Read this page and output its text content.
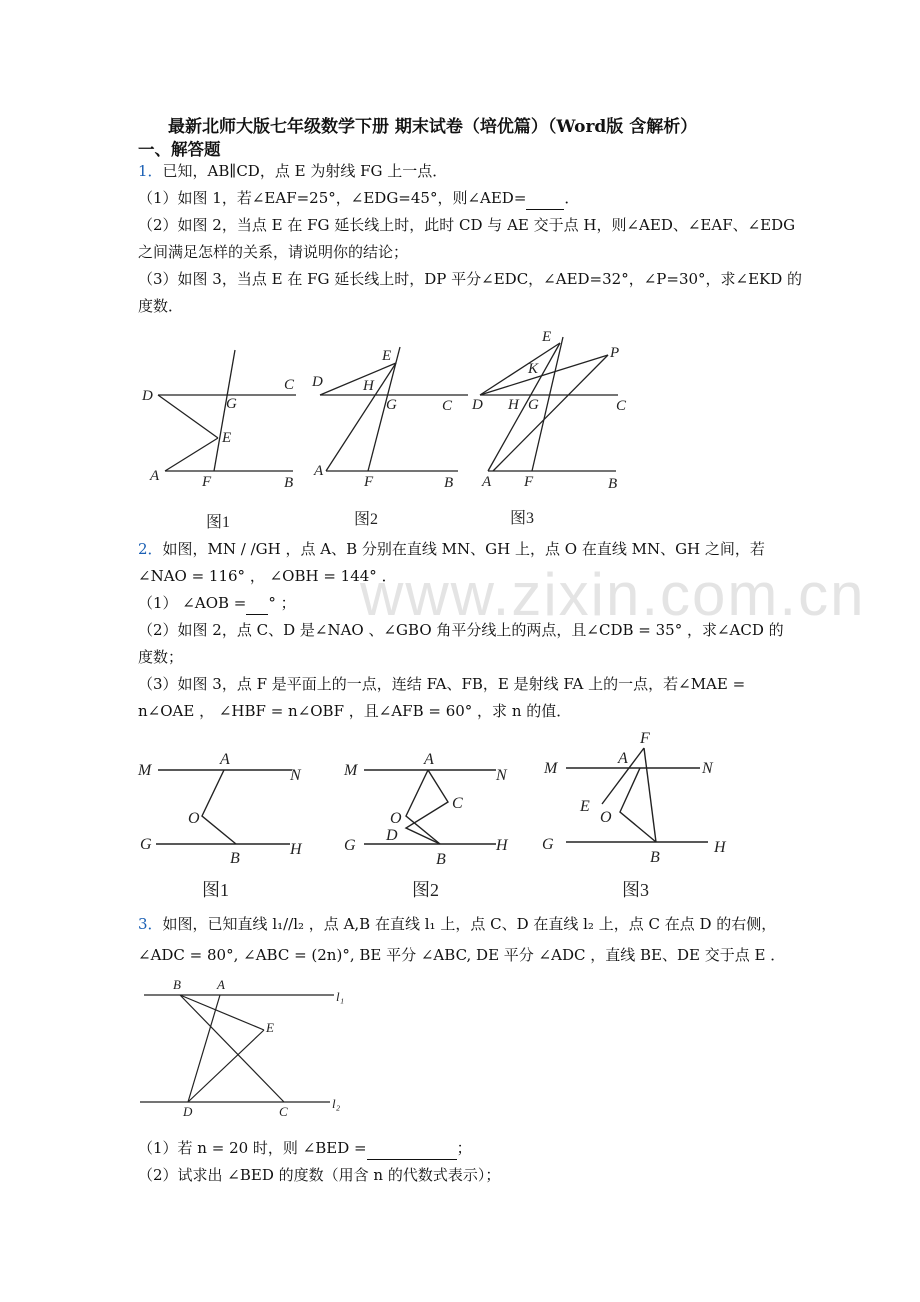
www.zixin.com.cn
最新北师大版七年级数学下册 期末试卷（培优篇）（Word版 含解析）
一、解答题
1．已知，AB∥CD，点 E 为射线 FG 上一点．
（1）如图 1，若∠EAF=25°，∠EDG=45°，则∠AED=	．
（2）如图 2，当点 E 在 FG 延长线上时，此时 CD 与 AE 交于点 H，则∠AED、∠EAF、∠EDG
之间满足怎样的关系，请说明你的结论；
（3）如图 3，当点 E 在 FG 延长线上时，DP 平分∠EDC，∠AED=32°，∠P=30°，求∠EKD 的
度数．
D
C
G
E
A	F	B
D
E
H
G	C
A
F	B
E
P
K
D H G	C
A F	B
图1	图2	图3
2．如图，MN / /GH ，点 A、B 分别在直线 MN、GH 上，点 O 在直线 MN、GH 之间，若
∠NAO = 116° ， ∠OBH = 144° ．
（1） ∠AOB = ° ；
（2）如图 2，点 C、D 是∠NAO 、∠GBO 角平分线上的两点，且∠CDB = 35° ，求∠ACD 的
度数；
（3）如图 3，点 F 是平面上的一点，连结 FA、FB，E 是射线 FA 上的一点，若∠MAE =
n∠OAE ， ∠HBF = n∠OBF ，且∠AFB = 60° ，求 n 的值．
M
A
N
O
G
B
H
M
A
N
C
O
D
G
B
H
F
A
M	N
E
O
G
B
H
图1	图2	图3
3．如图，已知直线 l₁//l₂ ，点 A,B 在直线 l₁ 上，点 C、D 在直线 l₂ 上，点 C 在点 D 的右侧，
∠ADC = 80°, ∠ABC = (2n)°, BE 平分 ∠ABC, DE 平分 ∠ADC ，直线 BE、DE 交于点 E ．
B	A
l₁
E
D	C
l₂
（1）若 n = 20 时，则 ∠BED =	；
（2）试求出 ∠BED 的度数（用含 n 的代数式表示）；
